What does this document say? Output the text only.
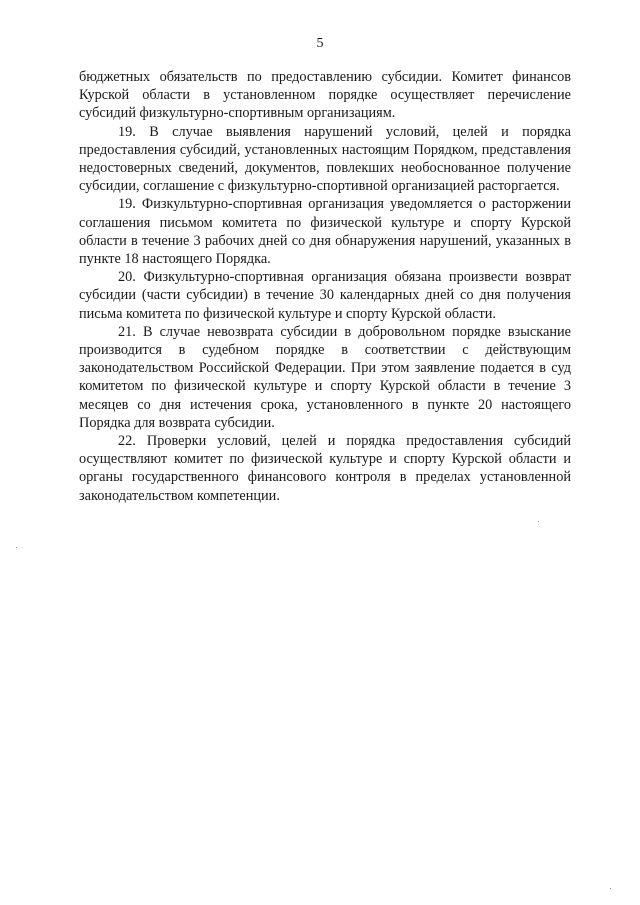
5

бюджетных обязательств по предоставлению субсидии. Комитет финансов Курской области в установленном порядке осуществляет перечисление субсидий физкультурно-спортивным организациям.

19. В случае выявления нарушений условий, целей и порядка предоставления субсидий, установленных настоящим Порядком, представления недостоверных сведений, документов, повлекших необоснованное получение субсидии, соглашение с физкультурно-спортивной организацией расторгается.

19. Физкультурно-спортивная организация уведомляется о расторжении соглашения письмом комитета по физической культуре и спорту Курской области в течение 3 рабочих дней со дня обнаружения нарушений, указанных в пункте 18 настоящего Порядка.

20. Физкультурно-спортивная организация обязана произвести возврат субсидии (части субсидии) в течение 30 календарных дней со дня получения письма комитета по физической культуре и спорту Курской области.

21. В случае невозврата субсидии в добровольном порядке взыскание производится в судебном порядке в соответствии с действующим законодательством Российской Федерации. При этом заявление подается в суд комитетом по физической культуре и спорту Курской области в течение 3 месяцев со дня истечения срока, установленного в пункте 20 настоящего Порядка для возврата субсидии.

22. Проверки условий, целей и порядка предоставления субсидий осуществляют комитет по физической культуре и спорту Курской области и органы государственного финансового контроля в пределах установленной законодательством компетенции.
